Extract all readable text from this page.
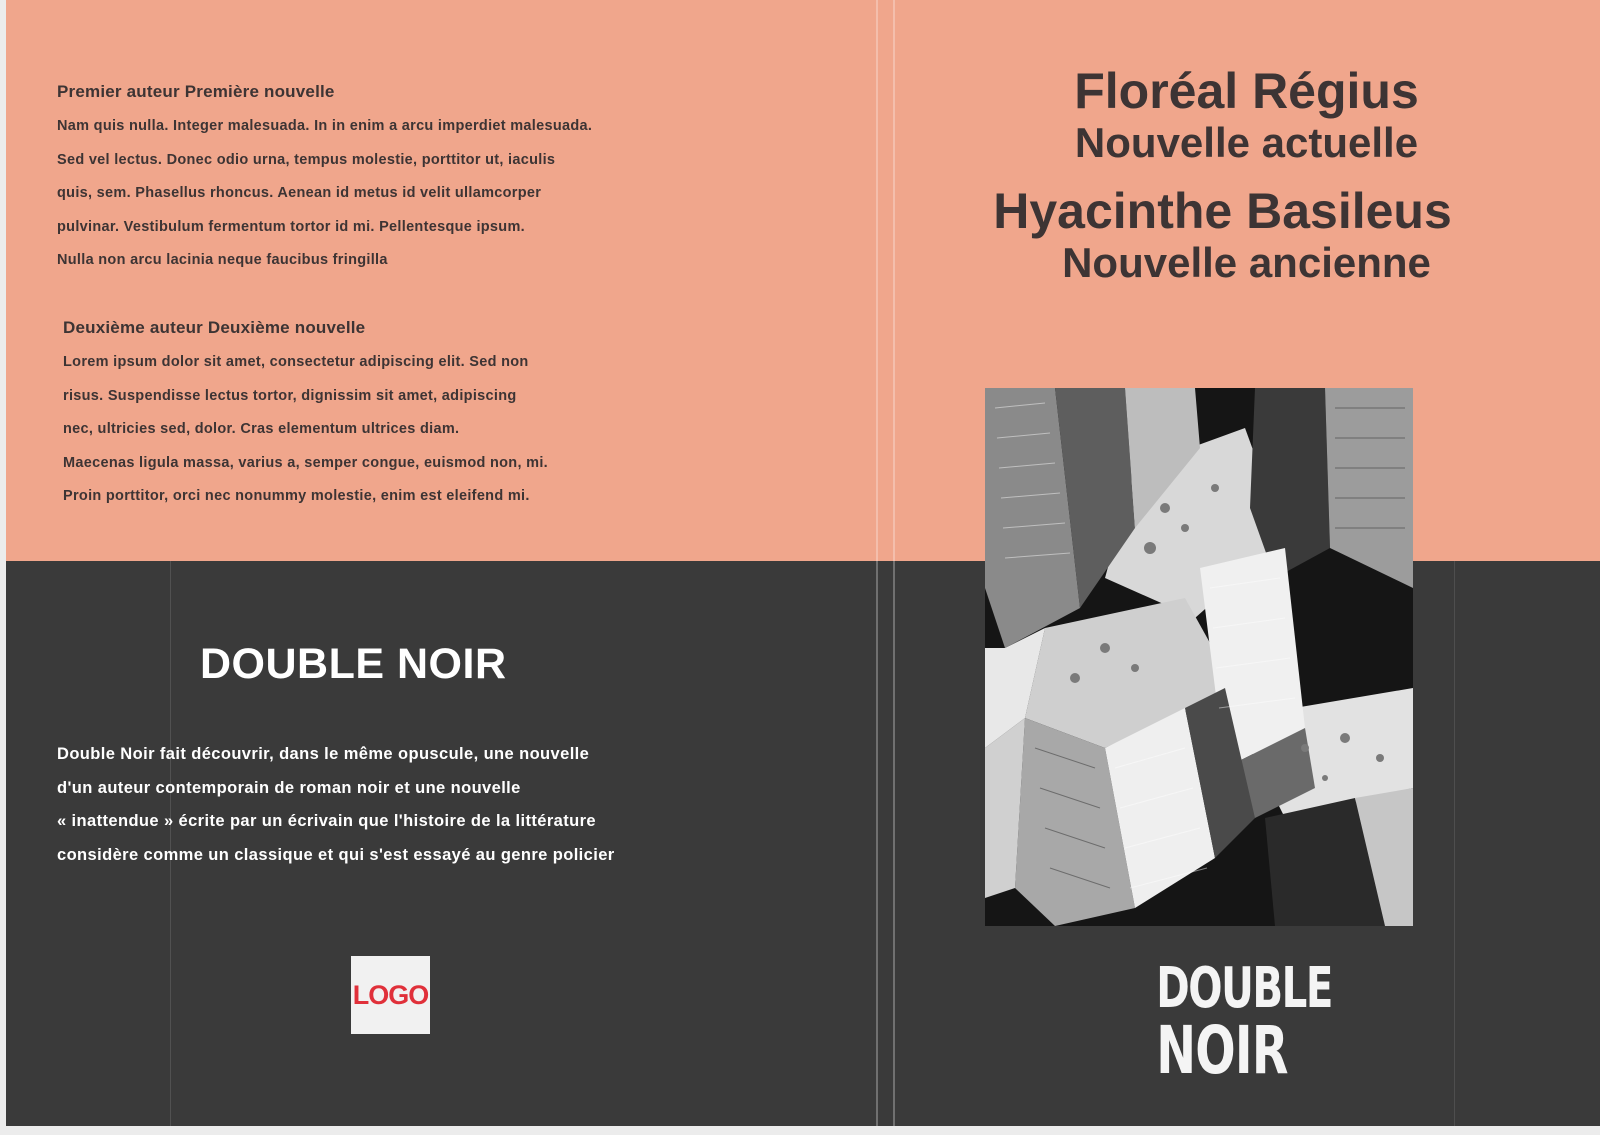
Premier auteur Première nouvelle
Nam quis nulla. Integer malesuada. In in enim a arcu imperdiet malesuada.
Sed vel lectus. Donec odio urna, tempus molestie, porttitor ut, iaculis
quis, sem. Phasellus rhoncus. Aenean id metus id velit ullamcorper
pulvinar. Vestibulum fermentum tortor id mi. Pellentesque ipsum.
Nulla non arcu lacinia neque faucibus fringilla
Deuxième auteur Deuxième nouvelle
Lorem ipsum dolor sit amet, consectetur adipiscing elit. Sed non
risus. Suspendisse lectus tortor, dignissim sit amet, adipiscing
nec, ultricies sed, dolor. Cras elementum ultrices diam.
Maecenas ligula massa, varius a, semper congue, euismod non, mi.
Proin porttitor, orci nec nonummy molestie, enim est eleifend mi.
DOUBLE NOIR
Double Noir fait découvrir, dans le même opuscule, une nouvelle
d'un auteur contemporain de roman noir et une nouvelle
« inattendue » écrite par un écrivain que l'histoire de la littérature
considère comme un classique et qui s'est essayé au genre policier
LOGO

Floréal Régius

Nouvelle actuelle

Hyacinthe Basileus

Nouvelle ancienne

DOUBLE
NOIR
